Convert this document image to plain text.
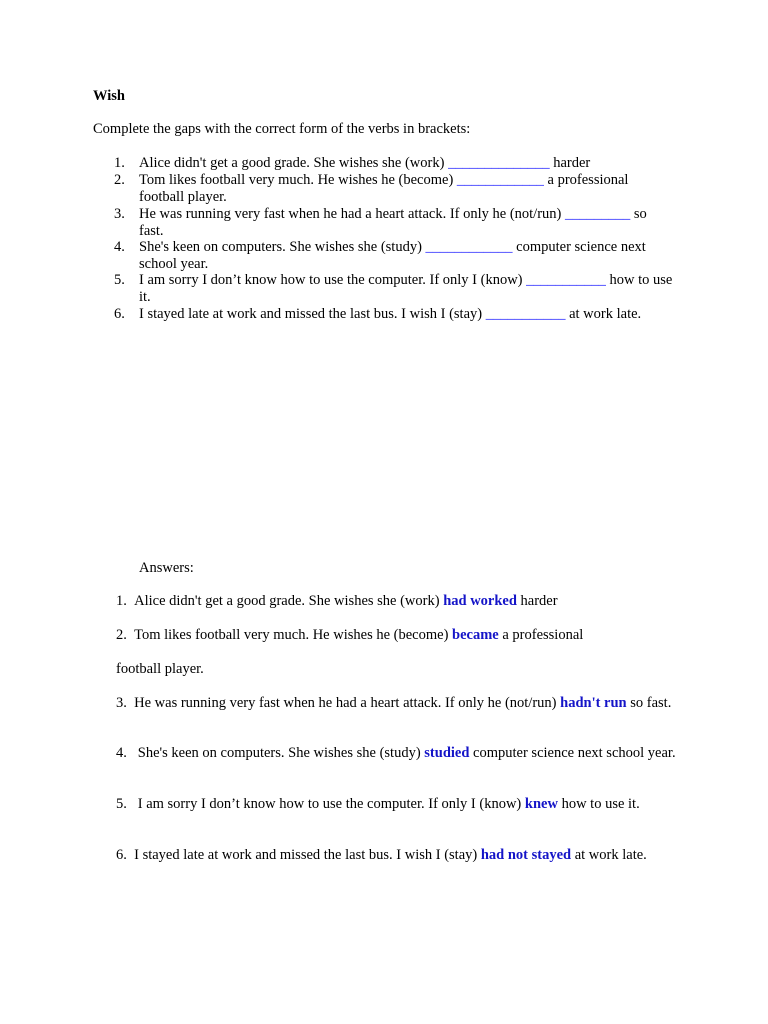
Wish
Complete the gaps with the correct form of the verbs in brackets:
1. Alice didn't get a good grade. She wishes she (work) ______________ harder
2. Tom likes football very much. He wishes he (become) ____________ a professional football player.
3. He was running very fast when he had a heart attack. If only he (not/run) _________ so fast.
4. She's keen on computers. She wishes she (study) ____________ computer science next school year.
5. I am sorry I don’t know how to use the computer. If only I (know) ___________ how to use it.
6. I stayed late at work and missed the last bus. I wish I (stay) ___________ at work late.
Answers:
1. Alice didn't get a good grade. She wishes she (work) had worked harder
2. Tom likes football very much. He wishes he (become) became a professional
football player.
3. He was running very fast when he had a heart attack. If only he (not/run) hadn't run so fast.
4.   She's keen on computers. She wishes she (study) studied computer science next school year.
5.   I am sorry I don’t know how to use the computer. If only I (know) knew how to use it.
6. I stayed late at work and missed the last bus. I wish I (stay) had not stayed at work late.
